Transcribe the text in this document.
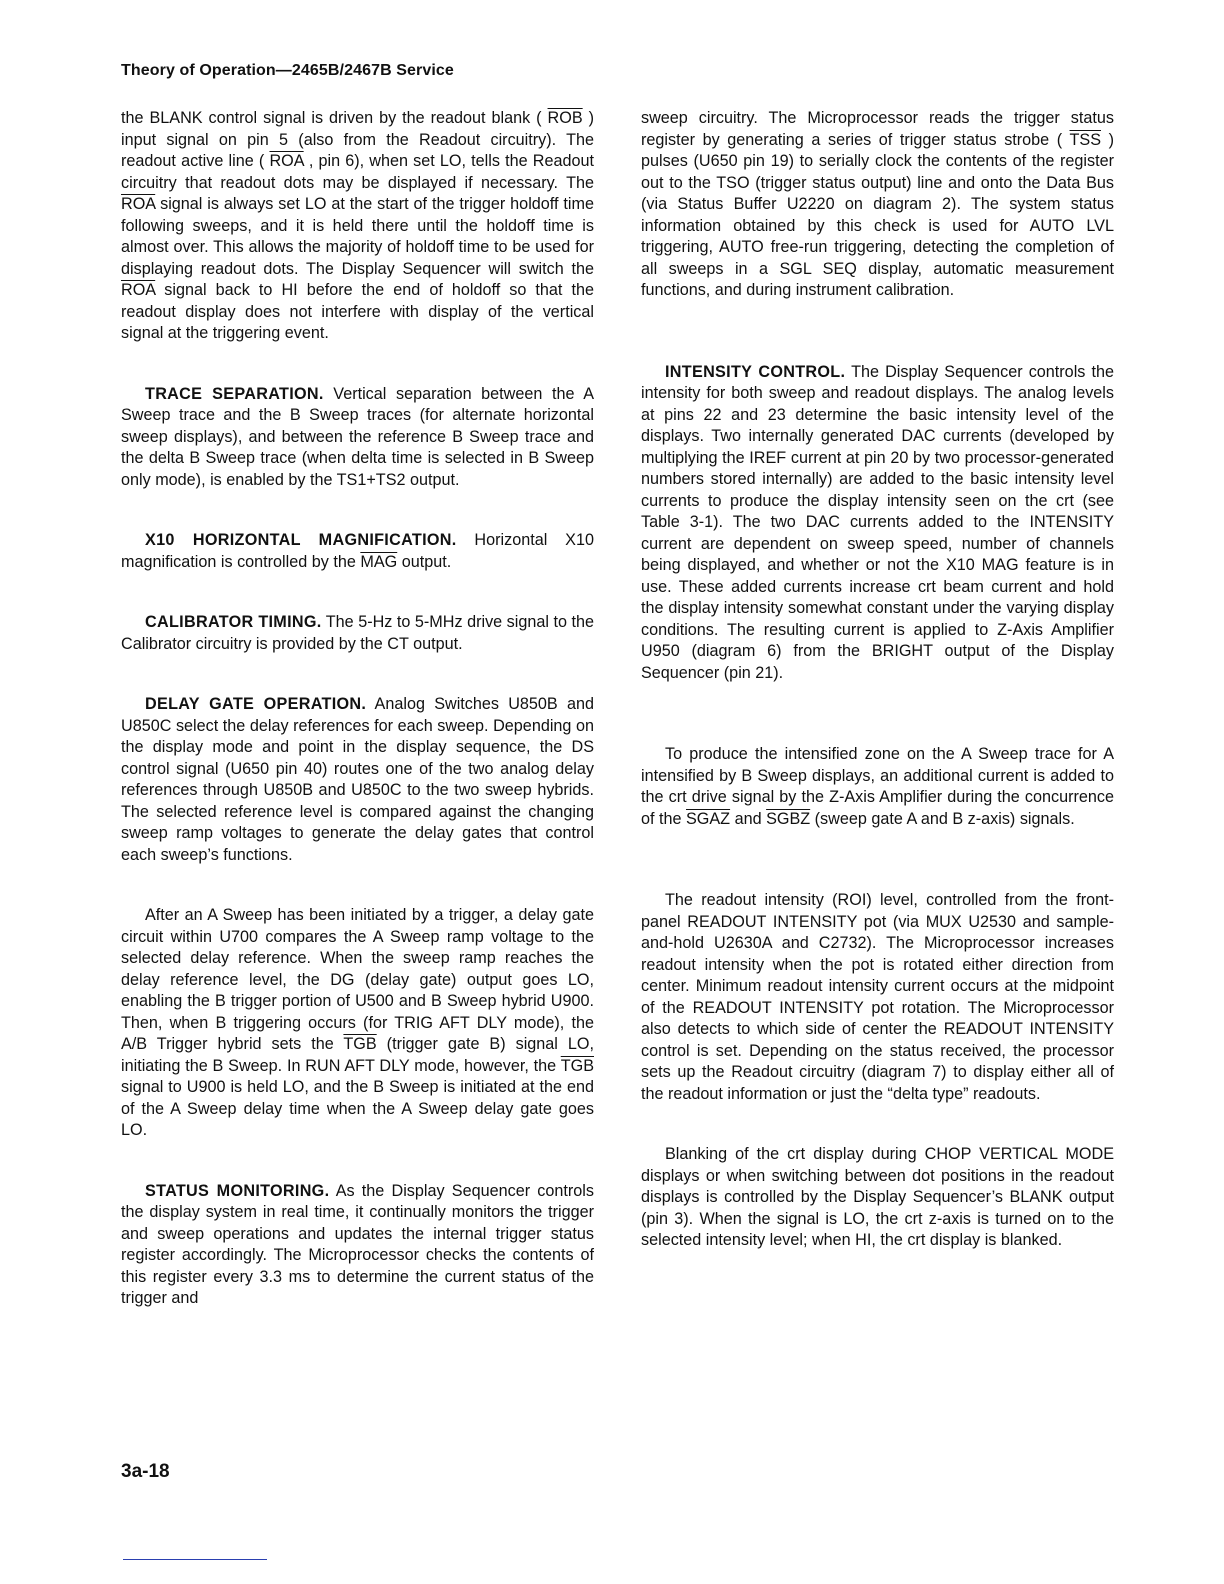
Theory of Operation—2465B/2467B Service

the BLANK control signal is driven by the readout blank ( $\overline{ROB}$ ) input signal on pin 5 (also from the Readout circuitry). The readout active line ( $\overline{ROA}$ , pin 6), when set LO, tells the Readout circuitry that readout dots may be displayed if necessary. The $\overline{ROA}$ signal is always set LO at the start of the trigger holdoff time following sweeps, and it is held there until the holdoff time is almost over. This allows the majority of holdoff time to be used for displaying readout dots. The Display Sequencer will switch the $\overline{ROA}$ signal back to HI before the end of holdoff so that the readout display does not interfere with display of the vertical signal at the triggering event.

TRACE SEPARATION. Vertical separation between the A Sweep trace and the B Sweep traces (for alternate horizontal sweep displays), and between the reference B Sweep trace and the delta B Sweep trace (when delta time is selected in B Sweep only mode), is enabled by the TS1+TS2 output.

X10 HORIZONTAL MAGNIFICATION. Horizontal X10 magnification is controlled by the $\overline{MAG}$ output.

CALIBRATOR TIMING. The 5-Hz to 5-MHz drive signal to the Calibrator circuitry is provided by the CT output.

DELAY GATE OPERATION. Analog Switches U850B and U850C select the delay references for each sweep. Depending on the display mode and point in the display sequence, the DS control signal (U650 pin 40) routes one of the two analog delay references through U850B and U850C to the two sweep hybrids. The selected reference level is compared against the changing sweep ramp voltages to generate the delay gates that control each sweep’s functions.

After an A Sweep has been initiated by a trigger, a delay gate circuit within U700 compares the A Sweep ramp voltage to the selected delay reference. When the sweep ramp reaches the delay reference level, the DG (delay gate) output goes LO, enabling the B trigger portion of U500 and B Sweep hybrid U900. Then, when B triggering occurs (for TRIG AFT DLY mode), the A/B Trigger hybrid sets the $\overline{TGB}$ (trigger gate B) signal LO, initiating the B Sweep. In RUN AFT DLY mode, however, the $\overline{TGB}$ signal to U900 is held LO, and the B Sweep is initiated at the end of the A Sweep delay time when the A Sweep delay gate goes LO.

STATUS MONITORING. As the Display Sequencer controls the display system in real time, it continually monitors the trigger and sweep operations and updates the internal trigger status register accordingly. The Microprocessor checks the contents of this register every 3.3 ms to determine the current status of the trigger and

sweep circuitry. The Microprocessor reads the trigger status register by generating a series of trigger status strobe ( $\overline{TSS}$ ) pulses (U650 pin 19) to serially clock the contents of the register out to the TSO (trigger status output) line and onto the Data Bus (via Status Buffer U2220 on diagram 2). The system status information obtained by this check is used for AUTO LVL triggering, AUTO free-run triggering, detecting the completion of all sweeps in a SGL SEQ display, automatic measurement functions, and during instrument calibration.

INTENSITY CONTROL. The Display Sequencer controls the intensity for both sweep and readout displays. The analog levels at pins 22 and 23 determine the basic intensity level of the displays. Two internally generated DAC currents (developed by multiplying the IREF current at pin 20 by two processor-generated numbers stored internally) are added to the basic intensity level currents to produce the display intensity seen on the crt (see Table 3-1). The two DAC currents added to the INTENSITY current are dependent on sweep speed, number of channels being displayed, and whether or not the X10 MAG feature is in use. These added currents increase crt beam current and hold the display intensity somewhat constant under the varying display conditions. The resulting current is applied to Z-Axis Amplifier U950 (diagram 6) from the BRIGHT output of the Display Sequencer (pin 21).

To produce the intensified zone on the A Sweep trace for A intensified by B Sweep displays, an additional current is added to the crt drive signal by the Z-Axis Amplifier during the concurrence of the SGAZ and SGBZ (sweep gate A and B z-axis) signals.

The readout intensity (ROI) level, controlled from the front-panel READOUT INTENSITY pot (via MUX U2530 and sample-and-hold U2630A and C2732). The Microprocessor increases readout intensity when the pot is rotated either direction from center. Minimum readout intensity current occurs at the midpoint of the READOUT INTENSITY pot rotation. The Microprocessor also detects to which side of center the READOUT INTENSITY control is set. Depending on the status received, the processor sets up the Readout circuitry (diagram 7) to display either all of the readout information or just the “delta type” readouts.

Blanking of the crt display during CHOP VERTICAL MODE displays or when switching between dot positions in the readout displays is controlled by the Display Sequencer’s BLANK output (pin 3). When the signal is LO, the crt z-axis is turned on to the selected intensity level; when HI, the crt display is blanked.

3a-18
